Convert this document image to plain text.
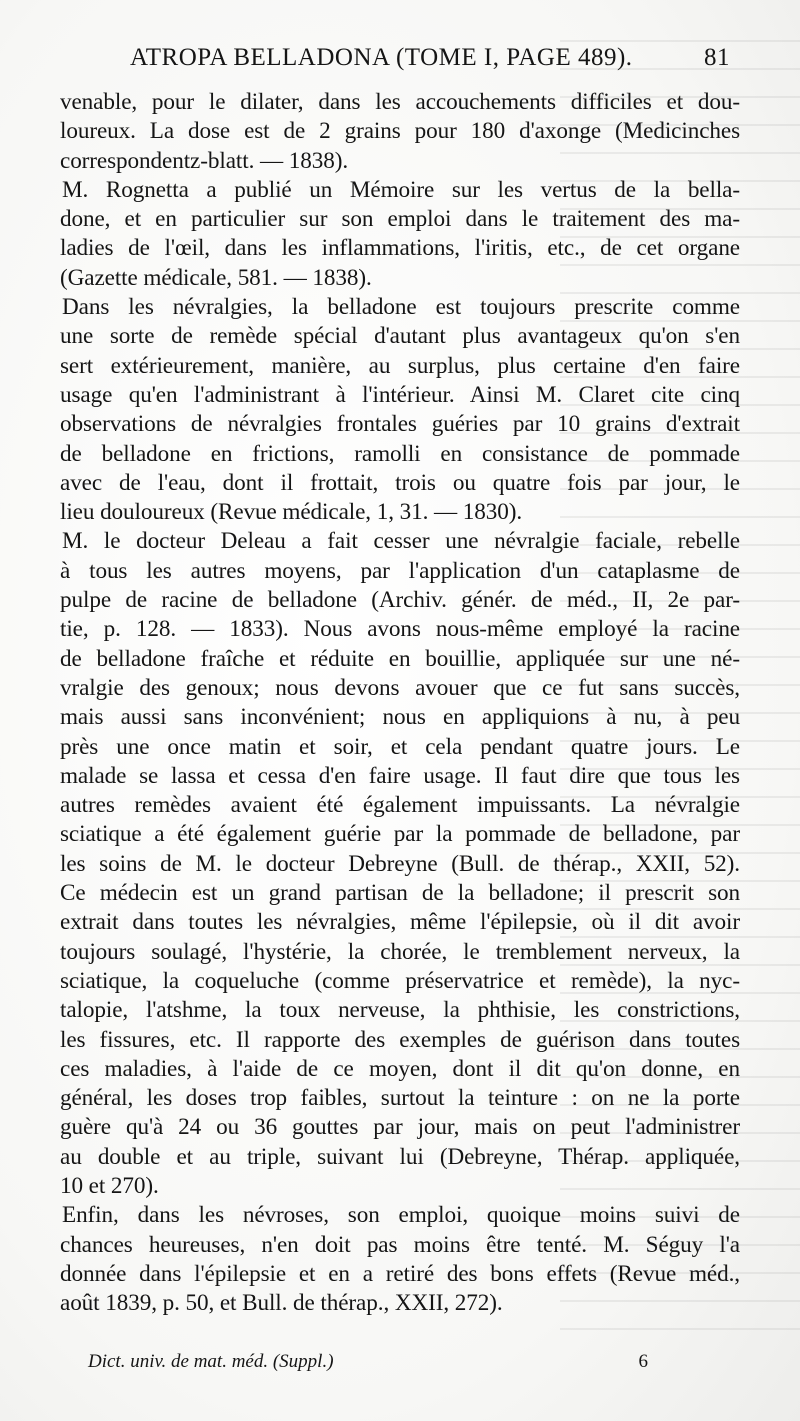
ATROPA BELLADONA (TOME I, PAGE 489).	81
venable, pour le dilater, dans les accouchements difficiles et dou-
loureux. La dose est de 2 grains pour 180 d'axonge (Medicinches
correspondentz-blatt. — 1838).
M. Rognetta a publié un Mémoire sur les vertus de la bella-
done, et en particulier sur son emploi dans le traitement des ma-
ladies de l'œil, dans les inflammations, l'iritis, etc., de cet organe
(Gazette médicale, 581. — 1838).
Dans les névralgies, la belladone est toujours prescrite comme
une sorte de remède spécial d'autant plus avantageux qu'on s'en
sert extérieurement, manière, au surplus, plus certaine d'en faire
usage qu'en l'administrant à l'intérieur. Ainsi M. Claret cite cinq
observations de névralgies frontales guéries par 10 grains d'extrait
de belladone en frictions, ramolli en consistance de pommade
avec de l'eau, dont il frottait, trois ou quatre fois par jour, le
lieu douloureux (Revue médicale, 1, 31. — 1830).
M. le docteur Deleau a fait cesser une névralgie faciale, rebelle
à tous les autres moyens, par l'application d'un cataplasme de
pulpe de racine de belladone (Archiv. génér. de méd., II, 2e par-
tie, p. 128. — 1833). Nous avons nous-même employé la racine
de belladone fraîche et réduite en bouillie, appliquée sur une né-
vralgie des genoux; nous devons avouer que ce fut sans succès,
mais aussi sans inconvénient; nous en appliquions à nu, à peu
près une once matin et soir, et cela pendant quatre jours. Le
malade se lassa et cessa d'en faire usage. Il faut dire que tous les
autres remèdes avaient été également impuissants. La névralgie
sciatique a été également guérie par la pommade de belladone, par
les soins de M. le docteur Debreyne (Bull. de thérap., XXII, 52).
Ce médecin est un grand partisan de la belladone; il prescrit son
extrait dans toutes les névralgies, même l'épilepsie, où il dit avoir
toujours soulagé, l'hystérie, la chorée, le tremblement nerveux, la
sciatique, la coqueluche (comme préservatrice et remède), la nyc-
talopie, l'atshme, la toux nerveuse, la phthisie, les constrictions,
les fissures, etc. Il rapporte des exemples de guérison dans toutes
ces maladies, à l'aide de ce moyen, dont il dit qu'on donne, en
général, les doses trop faibles, surtout la teinture : on ne la porte
guère qu'à 24 ou 36 gouttes par jour, mais on peut l'administrer
au double et au triple, suivant lui (Debreyne, Thérap. appliquée,
10 et 270).
Enfin, dans les névroses, son emploi, quoique moins suivi de
chances heureuses, n'en doit pas moins être tenté. M. Séguy l'a
donnée dans l'épilepsie et en a retiré des bons effets (Revue méd.,
août 1839, p. 50, et Bull. de thérap., XXII, 272).
Dict. univ. de mat. méd. (Suppl.)	6
